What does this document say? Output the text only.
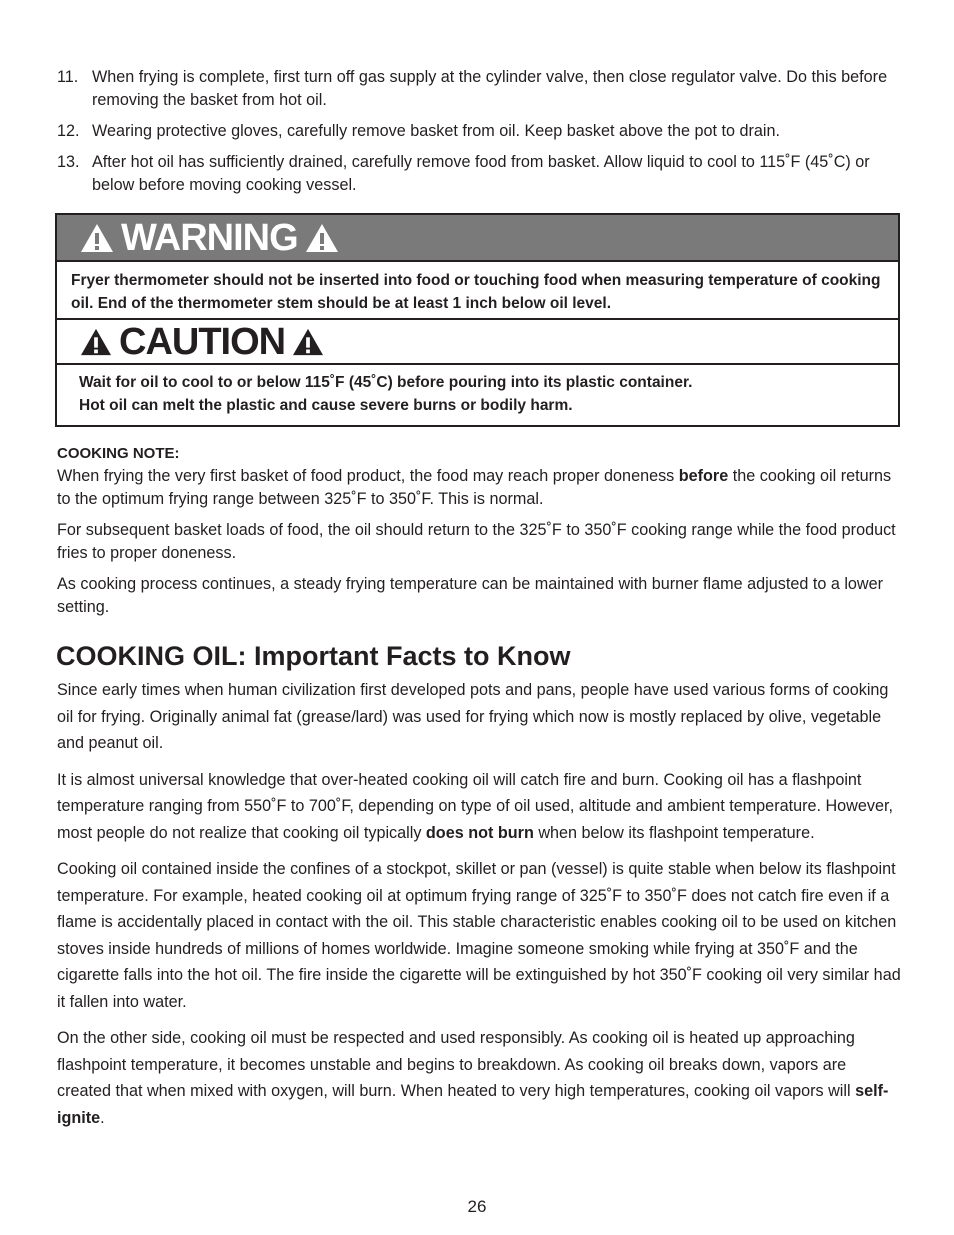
11. When frying is complete, first turn off gas supply at the cylinder valve, then close regulator valve. Do this before removing the basket from hot oil.
12. Wearing protective gloves, carefully remove basket from oil. Keep basket above the pot to drain.
13. After hot oil has sufficiently drained, carefully remove food from basket. Allow liquid to cool to 115˚F (45˚C) or below before moving cooking vessel.
WARNING
Fryer thermometer should not be inserted into food or touching food when measuring temperature of cooking oil. End of the thermometer stem should be at least 1 inch below oil level.
CAUTION
Wait for oil to cool to or below 115˚F (45˚C) before pouring into its plastic container.
Hot oil can melt the plastic and cause severe burns or bodily harm.
COOKING NOTE:

When frying the very first basket of food product, the food may reach proper doneness before the cooking oil returns to the optimum frying range between 325˚F to 350˚F. This is normal.

For subsequent basket loads of food, the oil should return to the 325˚F to 350˚F cooking range while the food product fries to proper doneness.

As cooking process continues, a steady frying temperature can be maintained with burner flame adjusted to a lower setting.

COOKING OIL: Important Facts to Know

Since early times when human civilization first developed pots and pans, people have used various forms of cooking oil for frying. Originally animal fat (grease/lard) was used for frying which now is mostly replaced by olive, vegetable and peanut oil.

It is almost universal knowledge that over-heated cooking oil will catch fire and burn. Cooking oil has a flashpoint temperature ranging from 550˚F to 700˚F, depending on type of oil used, altitude and ambient temperature. However, most people do not realize that cooking oil typically does not burn when below its flashpoint temperature.

Cooking oil contained inside the confines of a stockpot, skillet or pan (vessel) is quite stable when below its flashpoint temperature. For example, heated cooking oil at optimum frying range of 325˚F to 350˚F does not catch fire even if a flame is accidentally placed in contact with the oil. This stable characteristic enables cooking oil to be used on kitchen stoves inside hundreds of millions of homes worldwide. Imagine someone smoking while frying at 350˚F and the cigarette falls into the hot oil. The fire inside the cigarette will be extinguished by hot 350˚F cooking oil very similar had it fallen into water.

On the other side, cooking oil must be respected and used responsibly. As cooking oil is heated up approaching flashpoint temperature, it becomes unstable and begins to breakdown. As cooking oil breaks down, vapors are created that when mixed with oxygen, will burn. When heated to very high temperatures, cooking oil vapors will self-ignite.

26
